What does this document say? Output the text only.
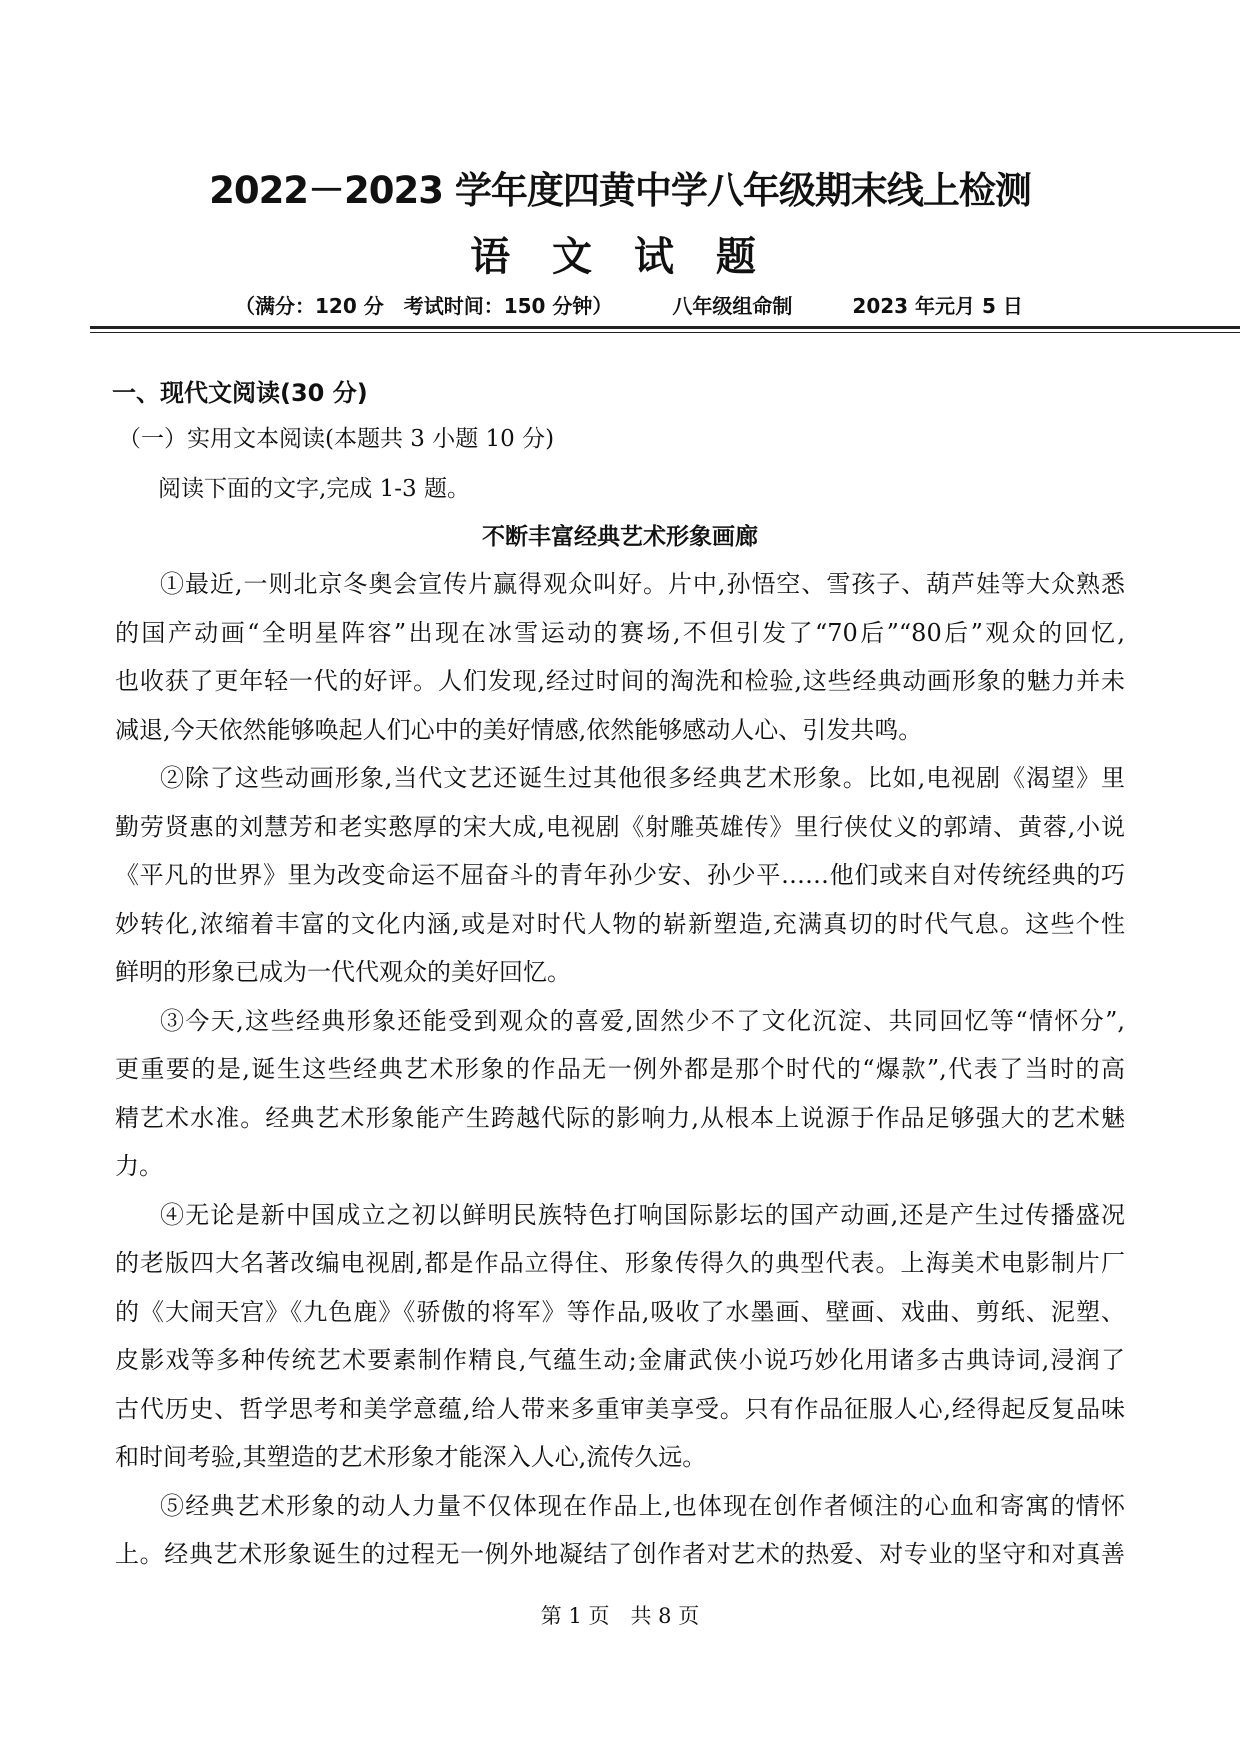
2022－2023 学年度四黄中学八年级期末线上检测
语 文 试 题
（满分：120 分　考试时间：150 分钟）	八年级组命制	2023 年元月 5 日
一、现代文阅读(30 分)
（一）实用文本阅读(本题共 3 小题 10 分)
阅读下面的文字,完成 1-3 题。
不断丰富经典艺术形象画廊
①最近,一则北京冬奥会宣传片赢得观众叫好。片中,孙悟空、雪孩子、葫芦娃等大众熟悉
的国产动画“全明星阵容”出现在冰雪运动的赛场,不但引发了“70后”“80后”观众的回忆,
也收获了更年轻一代的好评。人们发现,经过时间的淘洗和检验,这些经典动画形象的魅力并未
减退,今天依然能够唤起人们心中的美好情感,依然能够感动人心、引发共鸣。
②除了这些动画形象,当代文艺还诞生过其他很多经典艺术形象。比如,电视剧《渴望》里
勤劳贤惠的刘慧芳和老实憨厚的宋大成,电视剧《射雕英雄传》里行侠仗义的郭靖、黄蓉,小说
《平凡的世界》里为改变命运不屈奋斗的青年孙少安、孙少平……他们或来自对传统经典的巧
妙转化,浓缩着丰富的文化内涵,或是对时代人物的崭新塑造,充满真切的时代气息。这些个性
鲜明的形象已成为一代代观众的美好回忆。
③今天,这些经典形象还能受到观众的喜爱,固然少不了文化沉淀、共同回忆等“情怀分”,
更重要的是,诞生这些经典艺术形象的作品无一例外都是那个时代的“爆款”,代表了当时的高
精艺术水准。经典艺术形象能产生跨越代际的影响力,从根本上说源于作品足够强大的艺术魅
力。
④无论是新中国成立之初以鲜明民族特色打响国际影坛的国产动画,还是产生过传播盛况
的老版四大名著改编电视剧,都是作品立得住、形象传得久的典型代表。上海美术电影制片厂
的《大闹天宫》《九色鹿》《骄傲的将军》等作品,吸收了水墨画、壁画、戏曲、剪纸、泥塑、
皮影戏等多种传统艺术要素制作精良,气蕴生动;金庸武侠小说巧妙化用诸多古典诗词,浸润了
古代历史、哲学思考和美学意蕴,给人带来多重审美享受。只有作品征服人心,经得起反复品味
和时间考验,其塑造的艺术形象才能深入人心,流传久远。
⑤经典艺术形象的动人力量不仅体现在作品上,也体现在创作者倾注的心血和寄寓的情怀
上。经典艺术形象诞生的过程无一例外地凝结了创作者对艺术的热爱、对专业的坚守和对真善
第 1 页　共 8 页
